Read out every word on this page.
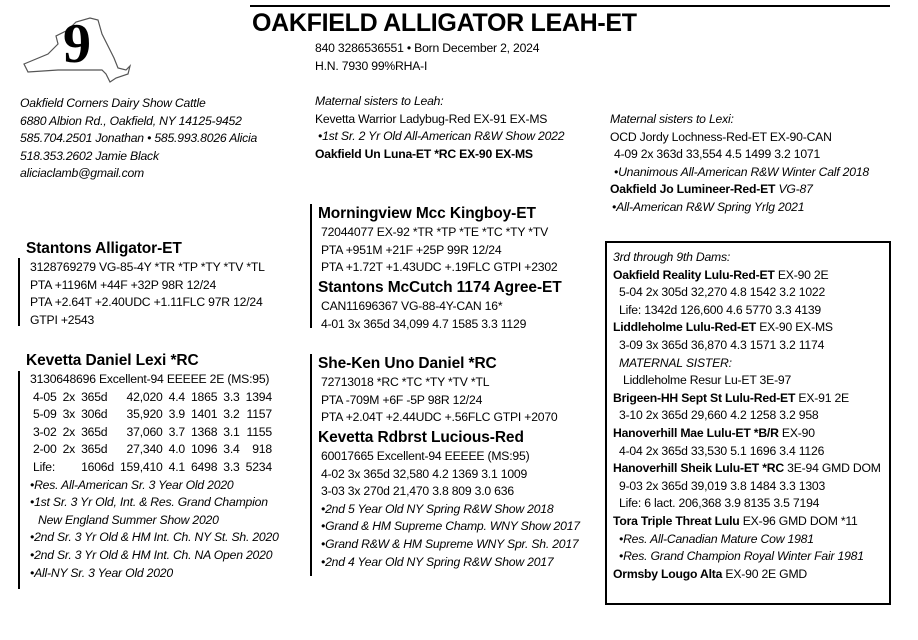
9	OAKFIELD ALLIGATOR LEAH-ET
840 3286536551 • Born December 2, 2024
H.N. 7930 99%RHA-I
Oakfield Corners Dairy Show Cattle
6880 Albion Rd., Oakfield, NY 14125-9452
585.704.2501 Jonathan • 585.993.8026 Alicia
518.353.2602 Jamie Black
aliciaclamb@gmail.com
Maternal sisters to Leah:
Kevetta Warrior Ladybug-Red EX-91 EX-MS
•1st Sr. 2 Yr Old All-American R&W Show 2022
Oakfield Un Luna-ET *RC EX-90 EX-MS
Maternal sisters to Lexi:
OCD Jordy Lochness-Red-ET EX-90-CAN
4-09 2x 363d 33,554 4.5 1499 3.2 1071
•Unanimous All-American R&W Winter Calf 2018
Oakfield Jo Lumineer-Red-ET VG-87
•All-American R&W Spring Yrlg 2021
Stantons Alligator-ET
3128769279 VG-85-4Y *TR *TP *TY *TV *TL
PTA +1196M +44F +32P 98R 12/24
PTA +2.64T +2.40UDC +1.11FLC 97R 12/24
GTPI +2543
Kevetta Daniel Lexi *RC
3130648696 Excellent-94 EEEEE 2E (MS:95)
4-05	2x	365d	42,020	4.4	1865	3.3	1394
5-09	3x	306d	35,920	3.9	1401	3.2	1157
3-02	2x	365d	37,060	3.7	1368	3.1	1155
2-00	2x	365d	27,340	4.0	1096	3.4	918
Life:		1606d	159,410	4.1	6498	3.3	5234
•Res. All-American Sr. 3 Year Old 2020
•1st Sr. 3 Yr Old, Int. & Res. Grand Champion
New England Summer Show 2020
•2nd Sr. 3 Yr Old & HM Int. Ch. NY St. Sh. 2020
•2nd Sr. 3 Yr Old & HM Int. Ch. NA Open 2020
•All-NY Sr. 3 Year Old 2020
Morningview Mcc Kingboy-ET
72044077 EX-92 *TR *TP *TE *TC *TY *TV
PTA +951M +21F +25P 99R 12/24
PTA +1.72T +1.43UDC +.19FLC GTPI +2302
Stantons McCutch 1174 Agree-ET
CAN11696367 VG-88-4Y-CAN 16*
4-01 3x 365d 34,099 4.7 1585 3.3 1129
She-Ken Uno Daniel *RC
72713018 *RC *TC *TY *TV *TL
PTA -709M +6F -5P 98R 12/24
PTA +2.04T +2.44UDC +.56FLC GTPI +2070
Kevetta Rdbrst Lucious-Red
60017665 Excellent-94 EEEEE (MS:95)
4-02 3x 365d 32,580 4.2 1369 3.1 1009
3-03 3x 270d 21,470 3.8 809 3.0 636
•2nd 5 Year Old NY Spring R&W Show 2018
•Grand & HM Supreme Champ. WNY Show 2017
•Grand R&W & HM Supreme WNY Spr. Sh. 2017
•2nd 4 Year Old NY Spring R&W Show 2017
3rd through 9th Dams:
Oakfield Reality Lulu-Red-ET EX-90 2E
5-04 2x 305d 32,270 4.8 1542 3.2 1022
Life: 1342d 126,600 4.6 5770 3.3 4139
Liddleholme Lulu-Red-ET EX-90 EX-MS
3-09 3x 365d 36,870 4.3 1571 3.2 1174
MATERNAL SISTER:
Liddleholme Resur Lu-ET 3E-97
Brigeen-HH Sept St Lulu-Red-ET EX-91 2E
3-10 2x 365d 29,660 4.2 1258 3.2 958
Hanoverhill Mae Lulu-ET *B/R EX-90
4-04 2x 365d 33,530 5.1 1696 3.4 1126
Hanoverhill Sheik Lulu-ET *RC 3E-94 GMD DOM
9-03 2x 365d 39,019 3.8 1484 3.3 1303
Life: 6 lact. 206,368 3.9 8135 3.5 7194
Tora Triple Threat Lulu EX-96 GMD DOM *11
•Res. All-Canadian Mature Cow 1981
•Res. Grand Champion Royal Winter Fair 1981
Ormsby Lougo Alta EX-90 2E GMD
